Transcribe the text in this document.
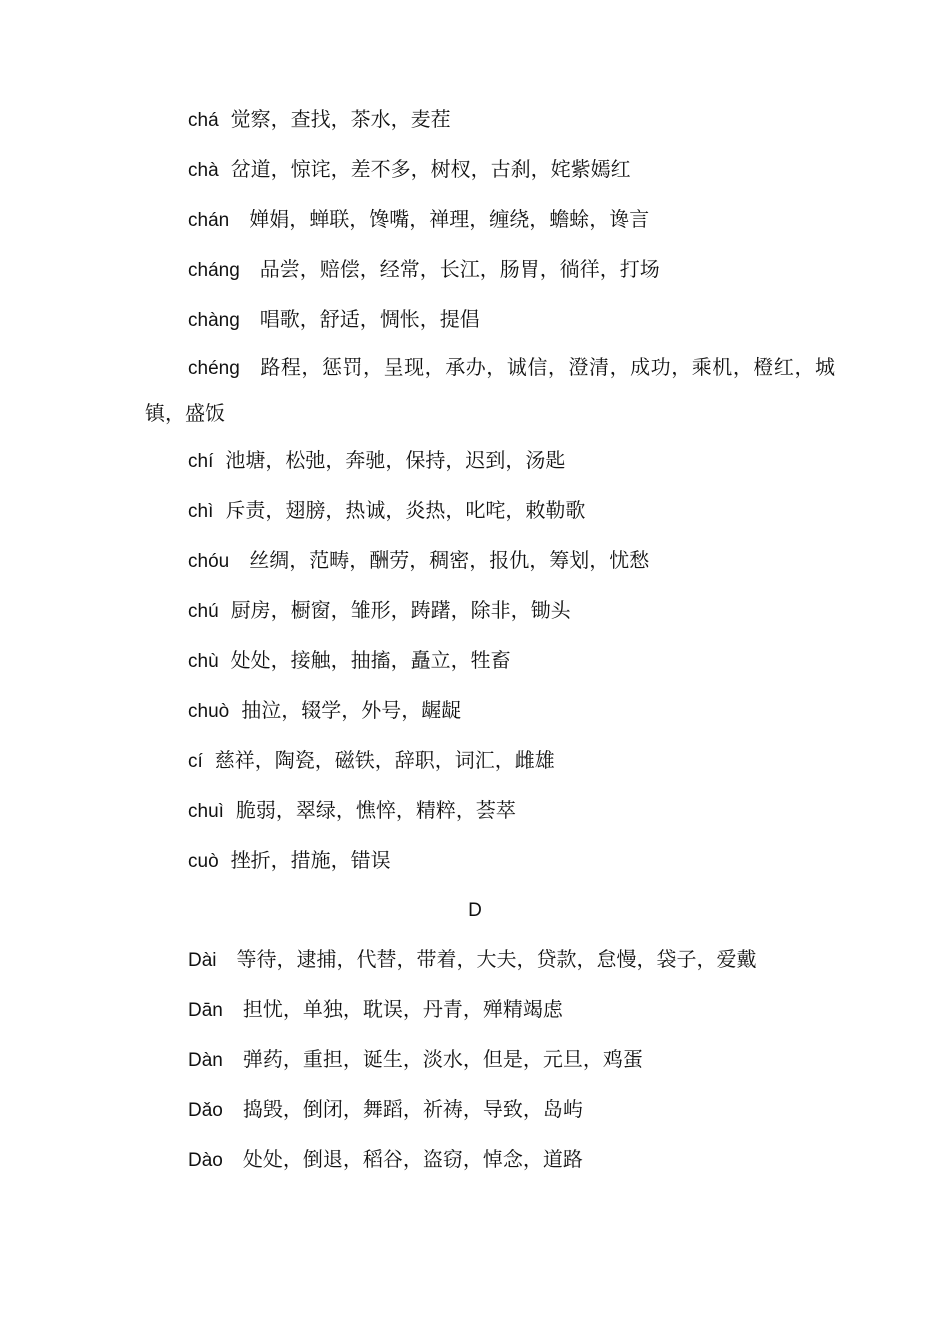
chá 觉察，查找，茶水，麦茬
chà 岔道，惊诧，差不多，树杈，古刹，姹紫嫣红
chán 婵娟，蝉联，馋嘴，禅理，缠绕，蟾蜍，谗言
cháng 品尝，赔偿，经常，长江，肠胃，徜徉，打场
chàng 唱歌，舒适，惆怅，提倡
chéng 路程，惩罚，呈现，承办，诚信，澄清，成功，乘机，橙红，城镇，盛饭
chí 池塘，松弛，奔驰，保持，迟到，汤匙
chì 斥责，翅膀，热诚，炎热，叱咤，敕勒歌
chóu 丝绸，范畴，酬劳，稠密，报仇，筹划，忧愁
chú 厨房，橱窗，雏形，踌躇，除非，锄头
chù 处处，接触，抽搐，矗立，牲畜
chuò 抽泣，辍学，外号，龌龊
cí 慈祥，陶瓷，磁铁，辞职，词汇，雌雄
chuì 脆弱，翠绿，憔悴，精粹，荟萃
cuò 挫折，措施，错误
D
Dài 等待，逮捕，代替，带着，大夫，贷款，怠慢，袋子，爱戴
Dān 担忧，单独，耽误，丹青，殚精竭虑
Dàn 弹药，重担，诞生，淡水，但是，元旦，鸡蛋
Dǎo 捣毁，倒闭，舞蹈，祈祷，导致，岛屿
Dào 处处，倒退，稻谷，盗窃，悼念，道路
